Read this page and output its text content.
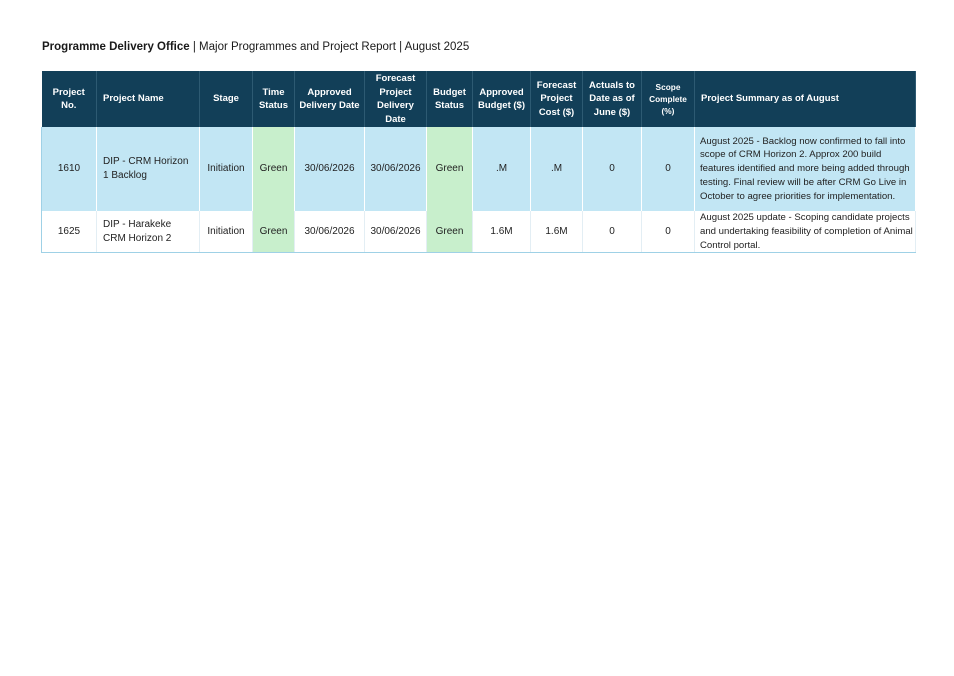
Programme Delivery Office | Major Programmes and Project Report | August 2025
Project No.	Project Name	Stage	Time Status	Approved Delivery Date	Forecast Project Delivery Date	Budget Status	Approved Budget ($)	Forecast Project Cost ($)	Actuals to Date as of June ($)	Scope Complete (%)	Project Summary as of August
1610	DIP - CRM Horizon 1 Backlog	Initiation	Green	30/06/2026	30/06/2026	Green	.M	.M	0	0	August 2025 - Backlog now confirmed to fall into scope of CRM Horizon 2. Approx 200 build features identified and more being added through testing. Final review will be after CRM Go Live in October to agree priorities for implementation.
1625	DIP - Harakeke CRM Horizon 2	Initiation	Green	30/06/2026	30/06/2026	Green	1.6M	1.6M	0	0	August 2025 update - Scoping candidate projects and undertaking feasibility of completion of Animal Control portal.
